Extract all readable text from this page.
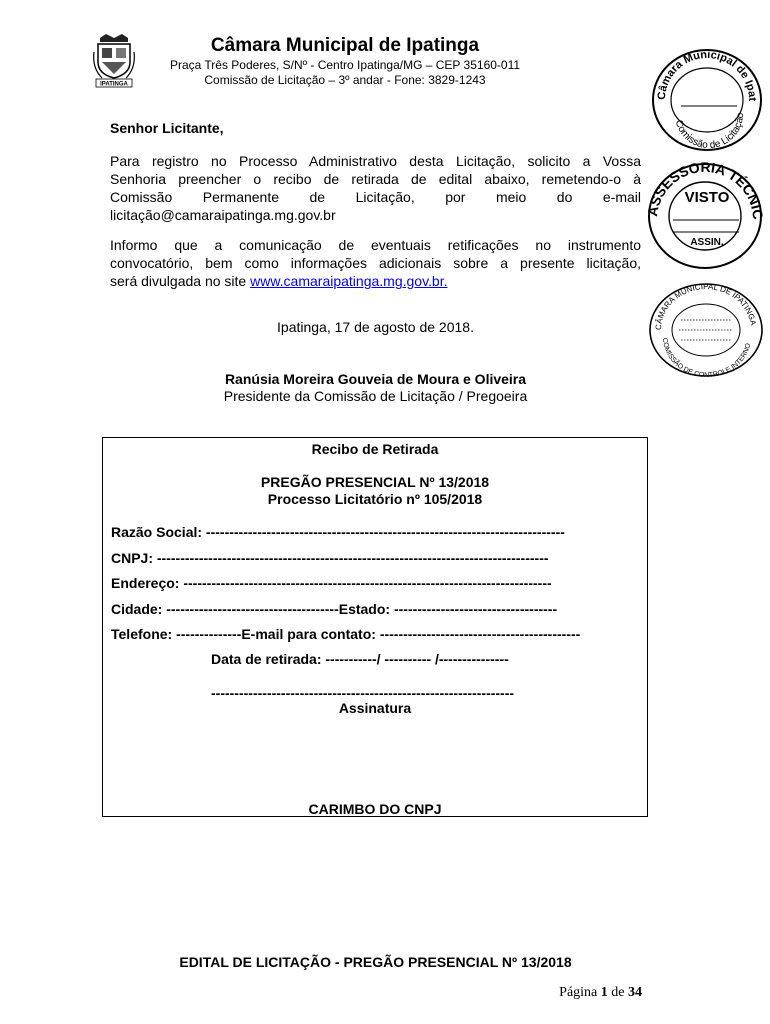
IPATINGA
Câmara Municipal de Ipatinga
Praça Três Poderes, S/Nº - Centro Ipatinga/MG – CEP 35160-011
Comissão de Licitação – 3º andar - Fone: 3829-1243
Câmara Municipal de Ipat
Comissão de Licitação
ASSESSORIA TÉCNIC
VISTO
ASSIN.
CÂMARA MUNICIPAL DE IPATINGA
COMISSÃO DE CONTROLE INTERNO
Senhor Licitante,
Para registro no Processo Administrativo desta Licitação, solicito a Vossa
Senhoria preencher o recibo de retirada de edital abaixo, remetendo-o à
Comissão Permanente de Licitação, por meio do e-mail
licitação@camaraipatinga.mg.gov.br
Informo que a comunicação de eventuais retificações no instrumento
convocatório, bem como informações adicionais sobre a presente licitação,
será divulgada no site www.camaraipatinga.mg.gov.br.
Ipatinga, 17 de agosto de 2018.
Ranúsia Moreira Gouveia de Moura e Oliveira
Presidente da Comissão de Licitação / Pregoeira
Recibo de Retirada
PREGÃO PRESENCIAL Nº 13/2018
Processo Licitatório nº 105/2018
Razão Social: -----------------------------------------------------------------------------
CNPJ: ------------------------------------------------------------------------------------
Endereço: -------------------------------------------------------------------------------
Cidade: -------------------------------------Estado: -----------------------------------
Telefone: --------------E-mail para contato: -------------------------------------------
Data de retirada: -----------/ ---------- /---------------
-----------------------------------------------------------------
Assinatura
CARIMBO DO CNPJ
EDITAL DE LICITAÇÃO - PREGÃO PRESENCIAL Nº 13/2018
Página 1 de 34
